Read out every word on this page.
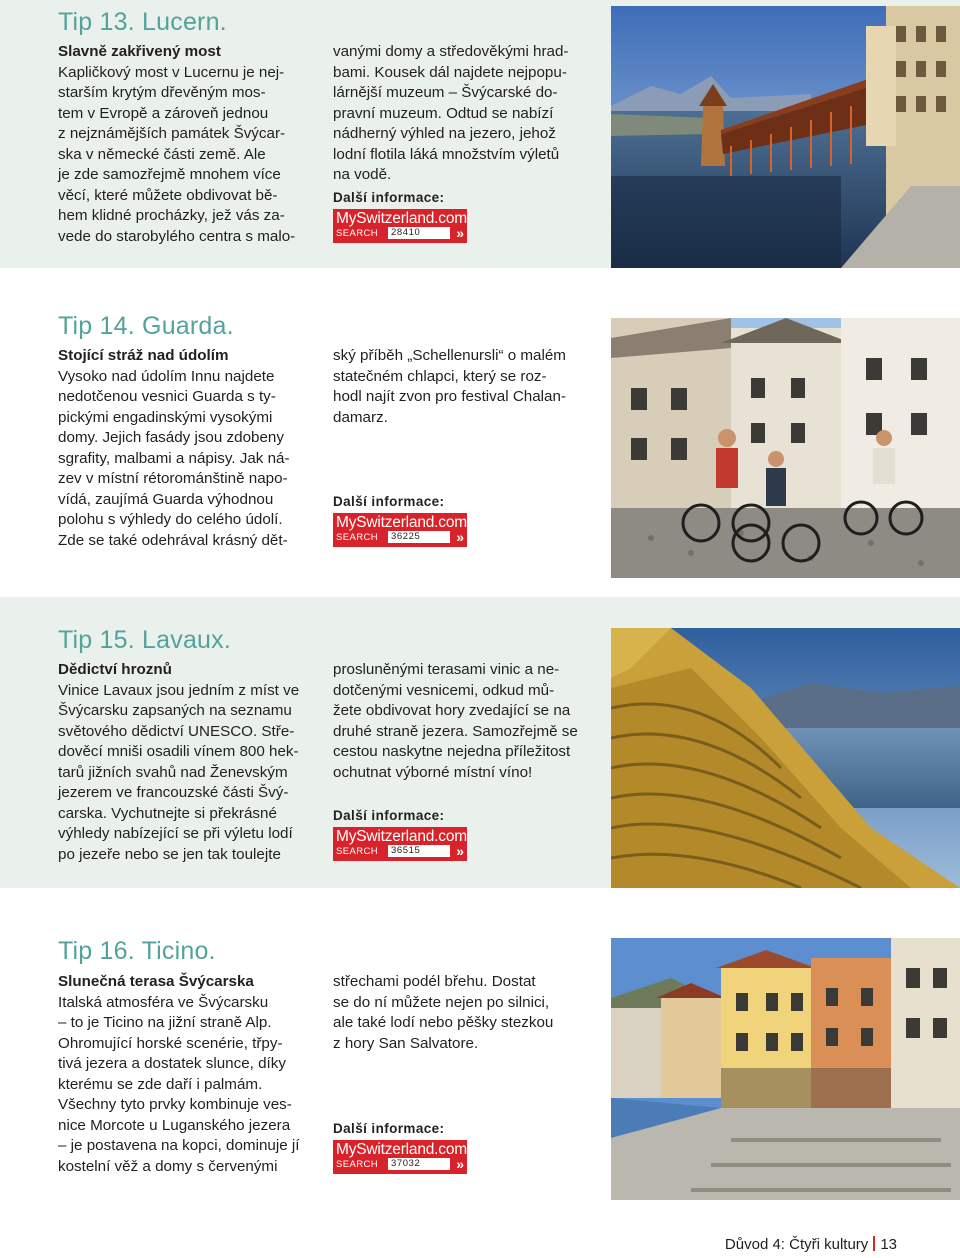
Tip 13. Lucern.
Slavně zakřivený most

Kapličkový most v Lucernu je nej-

starším krytým dřevěným mos-

tem v Evropě a zároveň jednou

z nejznámějších památek Švýcar-

ska v německé části země. Ale

je zde samozřejmě mnohem více

věcí, které můžete obdivovat bě-

hem klidné procházky, jež vás za-

vede do starobylého centra s malo-

vanými domy a středověkými hrad-

bami. Kousek dál najdete nejpopu-

lárnější muzeum – Švýcarské do-

pravní muzeum. Odtud se nabízí

nádherný výhled na jezero, jehož

lodní flotila láká množstvím výletů

na vodě.

Další informace:
MySwitzerland.com
SEARCH	28410	»
Tip 14. Guarda.
Stojící stráž nad údolím

Vysoko nad údolím Innu najdete

nedotčenou vesnici Guarda s ty-

pickými engadinskými vysokými

domy. Jejich fasády jsou zdobeny

sgrafity, malbami a nápisy. Jak ná-

zev v místní rétorománštině napo-

vídá, zaujímá Guarda výhodnou

polohu s výhledy do celého údolí.

Zde se také odehrával krásný dět-

ský příběh „Schellenursli“ o malém

statečném chlapci, který se roz-

hodl najít zvon pro festival Chalan-

damarz.

Další informace:
MySwitzerland.com
SEARCH	36225	»
Tip 15. Lavaux.
Dědictví hroznů

Vinice Lavaux jsou jedním z míst ve

Švýcarsku zapsaných na seznamu

světového dědictví UNESCO. Stře-

dověcí mniši osadili vínem 800 hek-

tarů jižních svahů nad Ženevským

jezerem ve francouzské části Švý-

carska. Vychutnejte si překrásné

výhledy nabízející se při výletu lodí

po jezeře nebo se jen tak toulejte

prosluněnými terasami vinic a ne-

dotčenými vesnicemi, odkud mů-

žete obdivovat hory zvedající se na

druhé straně jezera. Samozřejmě se

cestou naskytne nejedna příležitost

ochutnat výborné místní víno!

Další informace:
MySwitzerland.com
SEARCH	36515	»
Tip 16. Ticino.
Slunečná terasa Švýcarska

Italská atmosféra ve Švýcarsku

– to je Ticino na jižní straně Alp.

Ohromující horské scenérie, třpy-

tivá jezera a dostatek slunce, díky

kterému se zde daří i palmám.

Všechny tyto prvky kombinuje ves-

nice Morcote u Luganského jezera

– je postavena na kopci, dominuje jí

kostelní věž a domy s červenými

střechami podél břehu. Dostat

se do ní můžete nejen po silnici,

ale také lodí nebo pěšky stezkou

z hory San Salvatore.

Další informace:
MySwitzerland.com
SEARCH	37032	»
Důvod 4: Čtyři kultury 13
